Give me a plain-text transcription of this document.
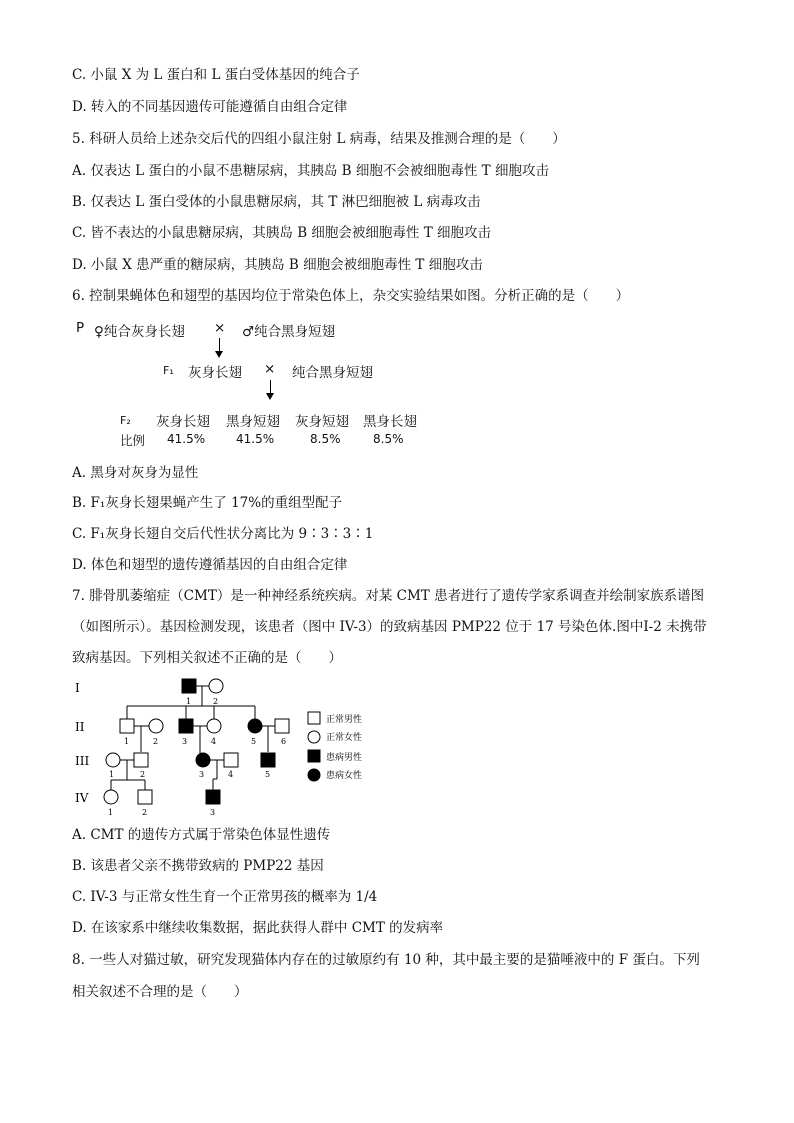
C. 小鼠 X 为 L 蛋白和 L 蛋白受体基因的纯合子
D. 转入的不同基因遗传可能遵循自由组合定律
5. 科研人员给上述杂交后代的四组小鼠注射 L 病毒，结果及推测合理的是（　　）
A. 仅表达 L 蛋白的小鼠不患糖尿病，其胰岛 B 细胞不会被细胞毒性 T 细胞攻击
B. 仅表达 L 蛋白受体的小鼠患糖尿病，其 T 淋巴细胞被 L 病毒攻击
C. 皆不表达的小鼠患糖尿病，其胰岛 B 细胞会被细胞毒性 T 细胞攻击
D. 小鼠 X 患严重的糖尿病，其胰岛 B 细胞会被细胞毒性 T 细胞攻击
6. 控制果蝇体色和翅型的基因均位于常染色体上，杂交实验结果如图。分析正确的是（　　）
P ♀纯合灰身长翅 × ♂纯合黑身短翅
F₁ 灰身长翅 × 纯合黑身短翅
F₂ 灰身长翅 黑身短翅 灰身短翅 黑身长翅
比例 41.5%	41.5%	8.5%	8.5%
A. 黑身对灰身为显性
B. F₁灰身长翅果蝇产生了 17%的重组型配子
C. F₁灰身长翅自交后代性状分离比为 9∶3∶3∶1
D. 体色和翅型的遗传遵循基因的自由组合定律
7. 腓骨肌萎缩症（CMT）是一种神经系统疾病。对某 CMT 患者进行了遗传学家系调查并绘制家族系谱图
（如图所示）。基因检测发现，该患者（图中 IV-3）的致病基因 PMP22 位于 17 号染色体.图中Ⅰ-2 未携带
致病基因。下列相关叙述不正确的是（　　）
I
II
III
IV
1	2
1	2	3	4	5	6
1	2	3	4	5
1	2	3
正常男性
正常女性
患病男性
患病女性
A. CMT 的遗传方式属于常染色体显性遗传
B. 该患者父亲不携带致病的 PMP22 基因
C. IV-3 与正常女性生育一个正常男孩的概率为 1/4
D. 在该家系中继续收集数据，据此获得人群中 CMT 的发病率
8. 一些人对猫过敏，研究发现猫体内存在的过敏原约有 10 种，其中最主要的是猫唾液中的 F 蛋白。下列
相关叙述不合理的是（　　）
